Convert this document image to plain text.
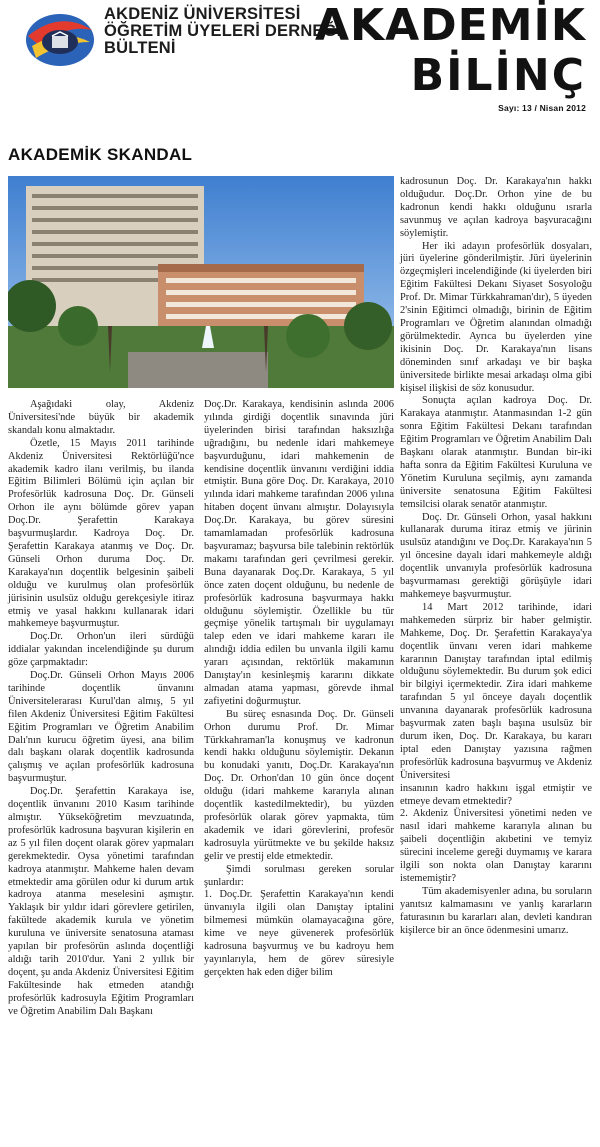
AKDENİZ ÜNİVERSİTESİ
ÖĞRETİM ÜYELERİ DERNEĞİ
BÜLTENİ	AKADEMİK
BİLİNÇ
Sayı: 13 / Nisan 2012
AKADEMİK SKANDAL

Aşağıdaki olay, Akdeniz Üniversitesi'nde büyük bir akademik skandalı konu almaktadır.

Özetle, 15 Mayıs 2011 tarihinde Akdeniz Üniversitesi Rektörlüğü'nce akademik kadro ilanı verilmiş, bu ilanda Eğitim Bilimleri Bölümü için açılan bir Profesörlük kadrosuna Doç. Dr. Günseli Orhon ile aynı bölümde görev yapan Doç.Dr. Şerafettin Karakaya başvurmuşlardır. Kadroya Doç. Dr. Şerafettin Karakaya atanmış ve Doç. Dr. Günseli Orhon duruma Doç. Dr. Karakaya'nın doçentlik belgesinin şaibeli olduğu ve kurulmuş olan profesörlük jürisinin usulsüz olduğu gerekçesiyle itiraz etmiş ve yasal hakkını kullanarak idari mahkemeye başvurmuştur.

Doç.Dr. Orhon'un ileri sürdüğü iddialar yakından incelendiğinde şu durum göze çarpmaktadır:

Doç.Dr. Günseli Orhon Mayıs 2006 tarihinde doçentlik ünvanını Üniversitelerarası Kurul'dan almış, 5 yıl filen Akdeniz Üniversitesi Eğitim Fakültesi Eğitim Programları ve Öğretim Anabilim Dalı'nın kurucu öğretim üyesi, ana bilim dalı başkanı olarak doçentlik kadrosunda çalışmış ve açılan profesörlük kadrosuna başvurmuştur.

Doç.Dr. Şerafettin Karakaya ise, doçentlik ünvanını 2010 Kasım tarihinde almıştır. Yükseköğretim mevzuatında, profesörlük kadrosuna başvuran kişilerin en az 5 yıl filen doçent olarak görev yapmaları gerekmektedir. Oysa yönetimi tarafından kadroya atanmıştır. Mahkeme halen devam etmektedir ama görülen odur ki durum artık kadroya atanma meselesini aşmıştır. Yaklaşık bir yıldır idari görevlere getirilen, fakültede akademik kurula ve yönetim kuruluna ve üniversite senatosuna ataması yapılan bir profesörün aslında doçentliği aldığı tarih 2010'dur. Yani 2 yıllık bir doçent, şu anda Akdeniz Üniversitesi Eğitim Fakültesinde hak etmeden atandığı profesörlük kadrosuyla Eğitim Programları ve Öğretim Anabilim Dalı Başkanı

Doç.Dr. Karakaya, kendisinin aslında 2006 yılında girdiği doçentlik sınavında jüri üyelerinden birisi tarafından haksızlığa uğradığını, bu nedenle idari mahkemeye başvurduğunu, idari mahkemenin de kendisine doçentlik ünvanını verdiğini iddia etmiştir. Buna göre Doç. Dr. Karakaya, 2010 yılında idari mahkeme tarafından 2006 yılına hitaben doçent ünvanı almıştır. Dolayısıyla Doç.Dr. Karakaya, bu görev süresini tamamlamadan profesörlük kadrosuna başvuramaz; başvursa bile talebinin rektörlük makamı tarafından geri çevrilmesi gerekir. Buna dayanarak Doç.Dr. Karakaya, 5 yıl önce zaten doçent olduğunu, bu nedenle de profesörlük kadrosuna başvurmaya hakkı olduğunu söylemiştir. Özellikle bu tür geçmişe yönelik tartışmalı bir uygulamayı talep eden ve idari mahkeme kararı ile alındığı iddia edilen bu unvanla ilgili kamu yararı açısından, rektörlük makamının Danıştay'ın kesinleşmiş kararını dikkate almadan atama yapması, görevde ihmal zafiyetini doğurmuştur.

Bu süreç esnasında Doç. Dr. Günseli Orhon durumu Prof. Dr. Mimar Türkkahraman'la konuşmuş ve kadronun kendi hakkı olduğunu söylemiştir. Dekanın bu konudaki yanıtı, Doç.Dr. Karakaya'nın Doç. Dr. Orhon'dan 10 gün önce doçent olduğu (idari mahkeme kararıyla alınan doçentlik kastedilmektedir), bu yüzden profesörlük olarak görev yapmakta, tüm akademik ve idari görevlerini, profesör kadrosuyla yürütmekte ve bu şekilde haksız gelir ve prestij elde etmektedir.

Şimdi sorulması gereken sorular şunlardır:

1. Doç.Dr. Şerafettin Karakaya'nın kendi ünvanıyla ilgili olan Danıştay iptalini bilmemesi mümkün olamayacağına göre, kime ve neye güvenerek profesörlük kadrosuna başvurmuş ve bu kadroyu hem yayınlarıyla, hem de görev süresiyle gerçekten hak eden diğer bilim

kadrosunun Doç. Dr. Karakaya'nın hakkı olduğudur. Doç.Dr. Orhon yine de bu kadronun kendi hakkı olduğunu ısrarla savunmuş ve açılan kadroya başvuracağını söylemiştir.

Her iki adayın profesörlük dosyaları, jüri üyelerine gönderilmiştir. Jüri üyelerinin özgeçmişleri incelendiğinde (ki üyelerden biri Eğitim Fakültesi Dekanı Siyaset Sosyoloğu Prof. Dr. Mimar Türkkahraman'dır), 5 üyeden 2'sinin Eğitimci olmadığı, birinin de Eğitim Programları ve Öğretim alanından olmadığı görülmektedir. Ayrıca bu üyelerden yine ikisinin Doç. Dr. Karakaya'nın lisans döneminden sınıf arkadaşı ve bir başka üniversitede birlikte mesai arkadaşı olma gibi kişisel ilişkisi de söz konusudur.

Sonuçta açılan kadroya Doç. Dr. Karakaya atanmıştır. Atanmasından 1-2 gün sonra Eğitim Fakültesi Dekanı tarafından Eğitim Programları ve Öğretim Anabilim Dalı Başkanı olarak atanmıştır. Bundan bir-iki hafta sonra da Eğitim Fakültesi Kuruluna ve Yönetim Kuruluna seçilmiş, aynı zamanda üniversite senatosuna Eğitim Fakültesi temsilcisi olarak senatör atanmıştır.

Doç. Dr. Günseli Orhon, yasal hakkını kullanarak duruma itiraz etmiş ve jürinin usulsüz atandığını ve Doç.Dr. Karakaya'nın 5 yıl öncesine dayalı idari mahkemeyle aldığı doçentlik unvanıyla profesörlük kadrosuna başvurmaması gerektiği görüşüyle idari mahkemeye başvurmuştur.

14 Mart 2012 tarihinde, idari mahkemeden sürpriz bir haber gelmiştir. Mahkeme, Doç. Dr. Şerafettin Karakaya'ya doçentlik ünvanı veren idari mahkeme kararının Danıştay tarafından iptal edilmiş olduğunu söylemektedir. Bu durum şok edici bir bilgiyi içermektedir. Zira idari mahkeme tarafından 5 yıl önceye dayalı doçentlik unvanına dayanarak profesörlük kadrosuna başvurmak zaten başlı başına usulsüz bir durum iken, Doç. Dr. Karakaya, bu kararı iptal eden Danıştay yazısına rağmen profesörlük kadrosuna başvurmuş ve Akdeniz Üniversitesi

insanının kadro hakkını işgal etmiştir ve etmeye devam etmektedir?

2. Akdeniz Üniversitesi yönetimi neden ve nasıl idari mahkeme kararıyla alınan bu şaibeli doçentliğin akıbetini ve temyiz sürecini inceleme gereği duymamış ve karara ilgili son nokta olan Danıştay kararını istememiştir?

Tüm akademisyenler adına, bu soruların yanıtsız kalmamasını ve yanlış kararların faturasının bu kararları alan, devleti kandıran kişilerce bir an önce ödenmesini umarız.
